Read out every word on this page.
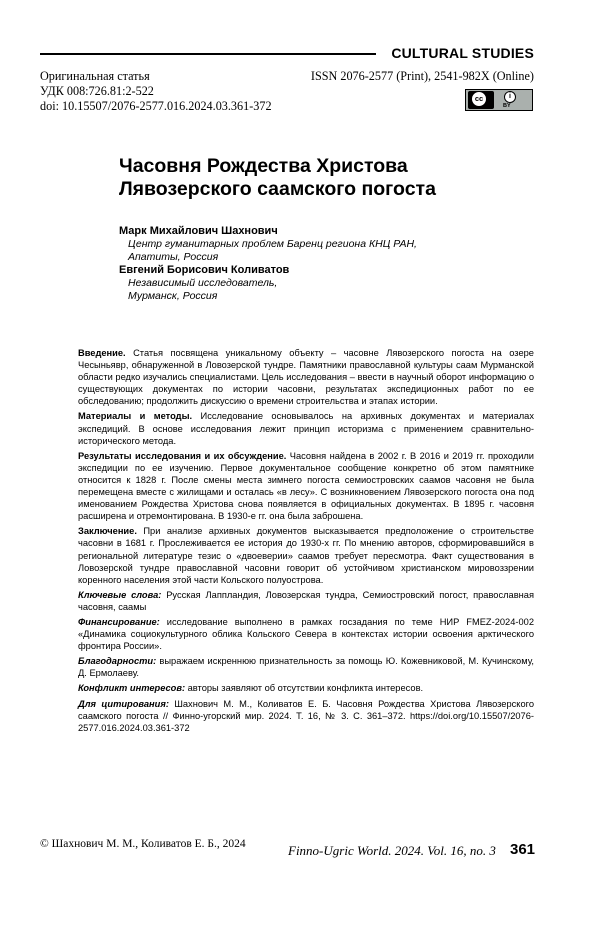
CULTURAL STUDIES
Оригинальная статья
УДК 008:726.81:2-522
doi: 10.15507/2076-2577.016.2024.03.361-372
ISSN 2076-2577 (Print), 2541-982X (Online)
cc	i
BY
Часовня Рождества Христова
Лявозерского саамского погоста
Марк Михайлович Шахнович
Центр гуманитарных проблем Баренц региона КНЦ РАН,
Апатиты, Россия
Евгений Борисович Коливатов
Независимый исследователь,
Мурманск, Россия

Введение. Статья посвящена уникальному объекту – часовне Лявозерского погоста на озере Чесыньявр, обнаруженной в Ловозерской тундре. Памятники православной культуры саам Мурманской области редко изучались специалистами. Цель исследования – ввести в научный оборот информацию о существующих документах по истории часовни, результатах экспедиционных работ по ее обследованию; продолжить дискуссию о времени строительства и этапах истории.

Материалы и методы. Исследование основывалось на архивных документах и материалах экспедиций. В основе исследования лежит принцип историзма с применением сравнительно-исторического метода.

Результаты исследования и их обсуждение. Часовня найдена в 2002 г. В 2016 и 2019 гг. проходили экспедиции по ее изучению. Первое документальное сообщение конкретно об этом памятнике относится к 1828 г. После смены места зимнего погоста семиостровских саамов часовня не была перемещена вместе с жилищами и осталась «в лесу». С возникновением Лявозерского погоста она под именованием Рождества Христова снова появляется в официальных документах. В 1895 г. часовня расширена и отремонтирована. В 1930-е гг. она была заброшена.

Заключение. При анализе архивных документов высказывается предположение о строительстве часовни в 1681 г. Прослеживается ее история до 1930-х гг. По мнению авторов, сформировавшийся в региональной литературе тезис о «двоеверии» саамов требует пересмотра. Факт существования в Ловозерской тундре православной часовни говорит об устойчивом христианском мировоззрении коренного населения этой части Кольского полуострова.

Ключевые слова: Русская Лаппландия, Ловозерская тундра, Семиостровский погост, православная часовня, саамы

Финансирование: исследование выполнено в рамках госзадания по теме НИР FMEZ-2024-002 «Динамика социокультурного облика Кольского Севера в контекстах истории освоения арктического фронтира России».

Благодарности: выражаем искреннюю признательность за помощь Ю. Кожевниковой, М. Кучинскому, Д. Ермолаеву.

Конфликт интересов: авторы заявляют об отсутствии конфликта интересов.

Для цитирования: Шахнович М. М., Коливатов Е. Б. Часовня Рождества Христова Лявозерского саамского погоста // Финно-угорский мир. 2024. Т. 16, № 3. С. 361–372. https://doi.org/10.15507/2076-2577.016.2024.03.361-372

© Шахнович М. М., Коливатов Е. Б., 2024	Finno-Ugric World. 2024. Vol. 16, no. 3 361
